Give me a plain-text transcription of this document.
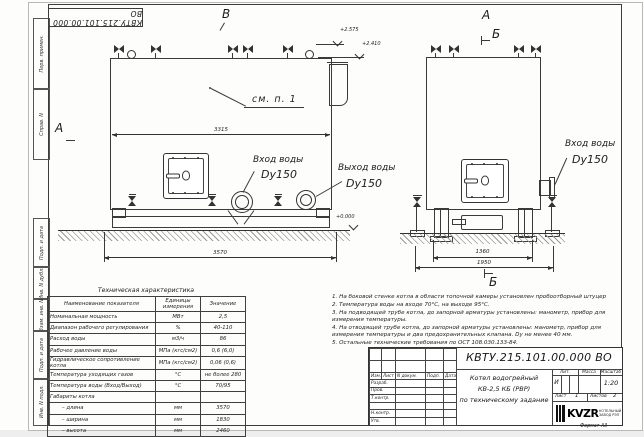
Перв. примен.
Справ. N
Подп. и дата
Инв. N дубл.
Взам. инв. N
Подп. и дата
Инв. N подл.
КВТУ.215.101.00.000 ВО	В
А
см. п. 1
3315
3570
+0.000
+2.575
+2.410
Вход воды
Dy150	Выход воды
Dy150
А
Б
Вход воды
Dy150
1360
1950
Б
1. На боковой стенке котла в области топочной камеры установлен пробоотборный штуцер
2. Температура воды на входе 70°С, на выходе 95°С.
3. На подводящей трубе котла, до запорной арматуры установлены: манометр, прибор для измерения температуры.
4. На отводящей трубе котла, до запорной арматуры установлены: манометр, прибор для измерения температуры и два предохранительных клапана. Dу не менее 40 мм.
5. Остальные технические требования по ОСТ 108.030.133-84.
Техническая характеристика
Наименование показателя	Единицы измерения	Значение
Номинальная мощность	МВт	2,5
Диапазон рабочего регулирования	%	40-110
Расход воды	м3/ч	86
Рабочее давление воды	МПа (кгс/см2)	0,6 (6,0)
Гидравлическое сопротивление котла	МПа (кгс/см2)	0,06 (0,6)
Температура уходящих газов	°С	не более 280
Температура воды (Вход/Выход)	°С	70/95
Габариты котла		
– длина	мм	3570
– ширина	мм	1830
– высота	мм	2460

Изм.	Лист	N докум.	Подп.	Дата
Разраб.				
Пров.				
Т.контр.				

Н.контр.				
Утв.				
КВТУ.215.101.00.000 ВО
Котел водогрейный
КВ-2,5 КБ (РВР)
по техническому задание
Лит.	Масса	Масштаб
И	1:20
Лист 1	Листов 2
KVZR КОТЕЛЬНЫЙ
ЗАВОД РЭП
Формат А3
